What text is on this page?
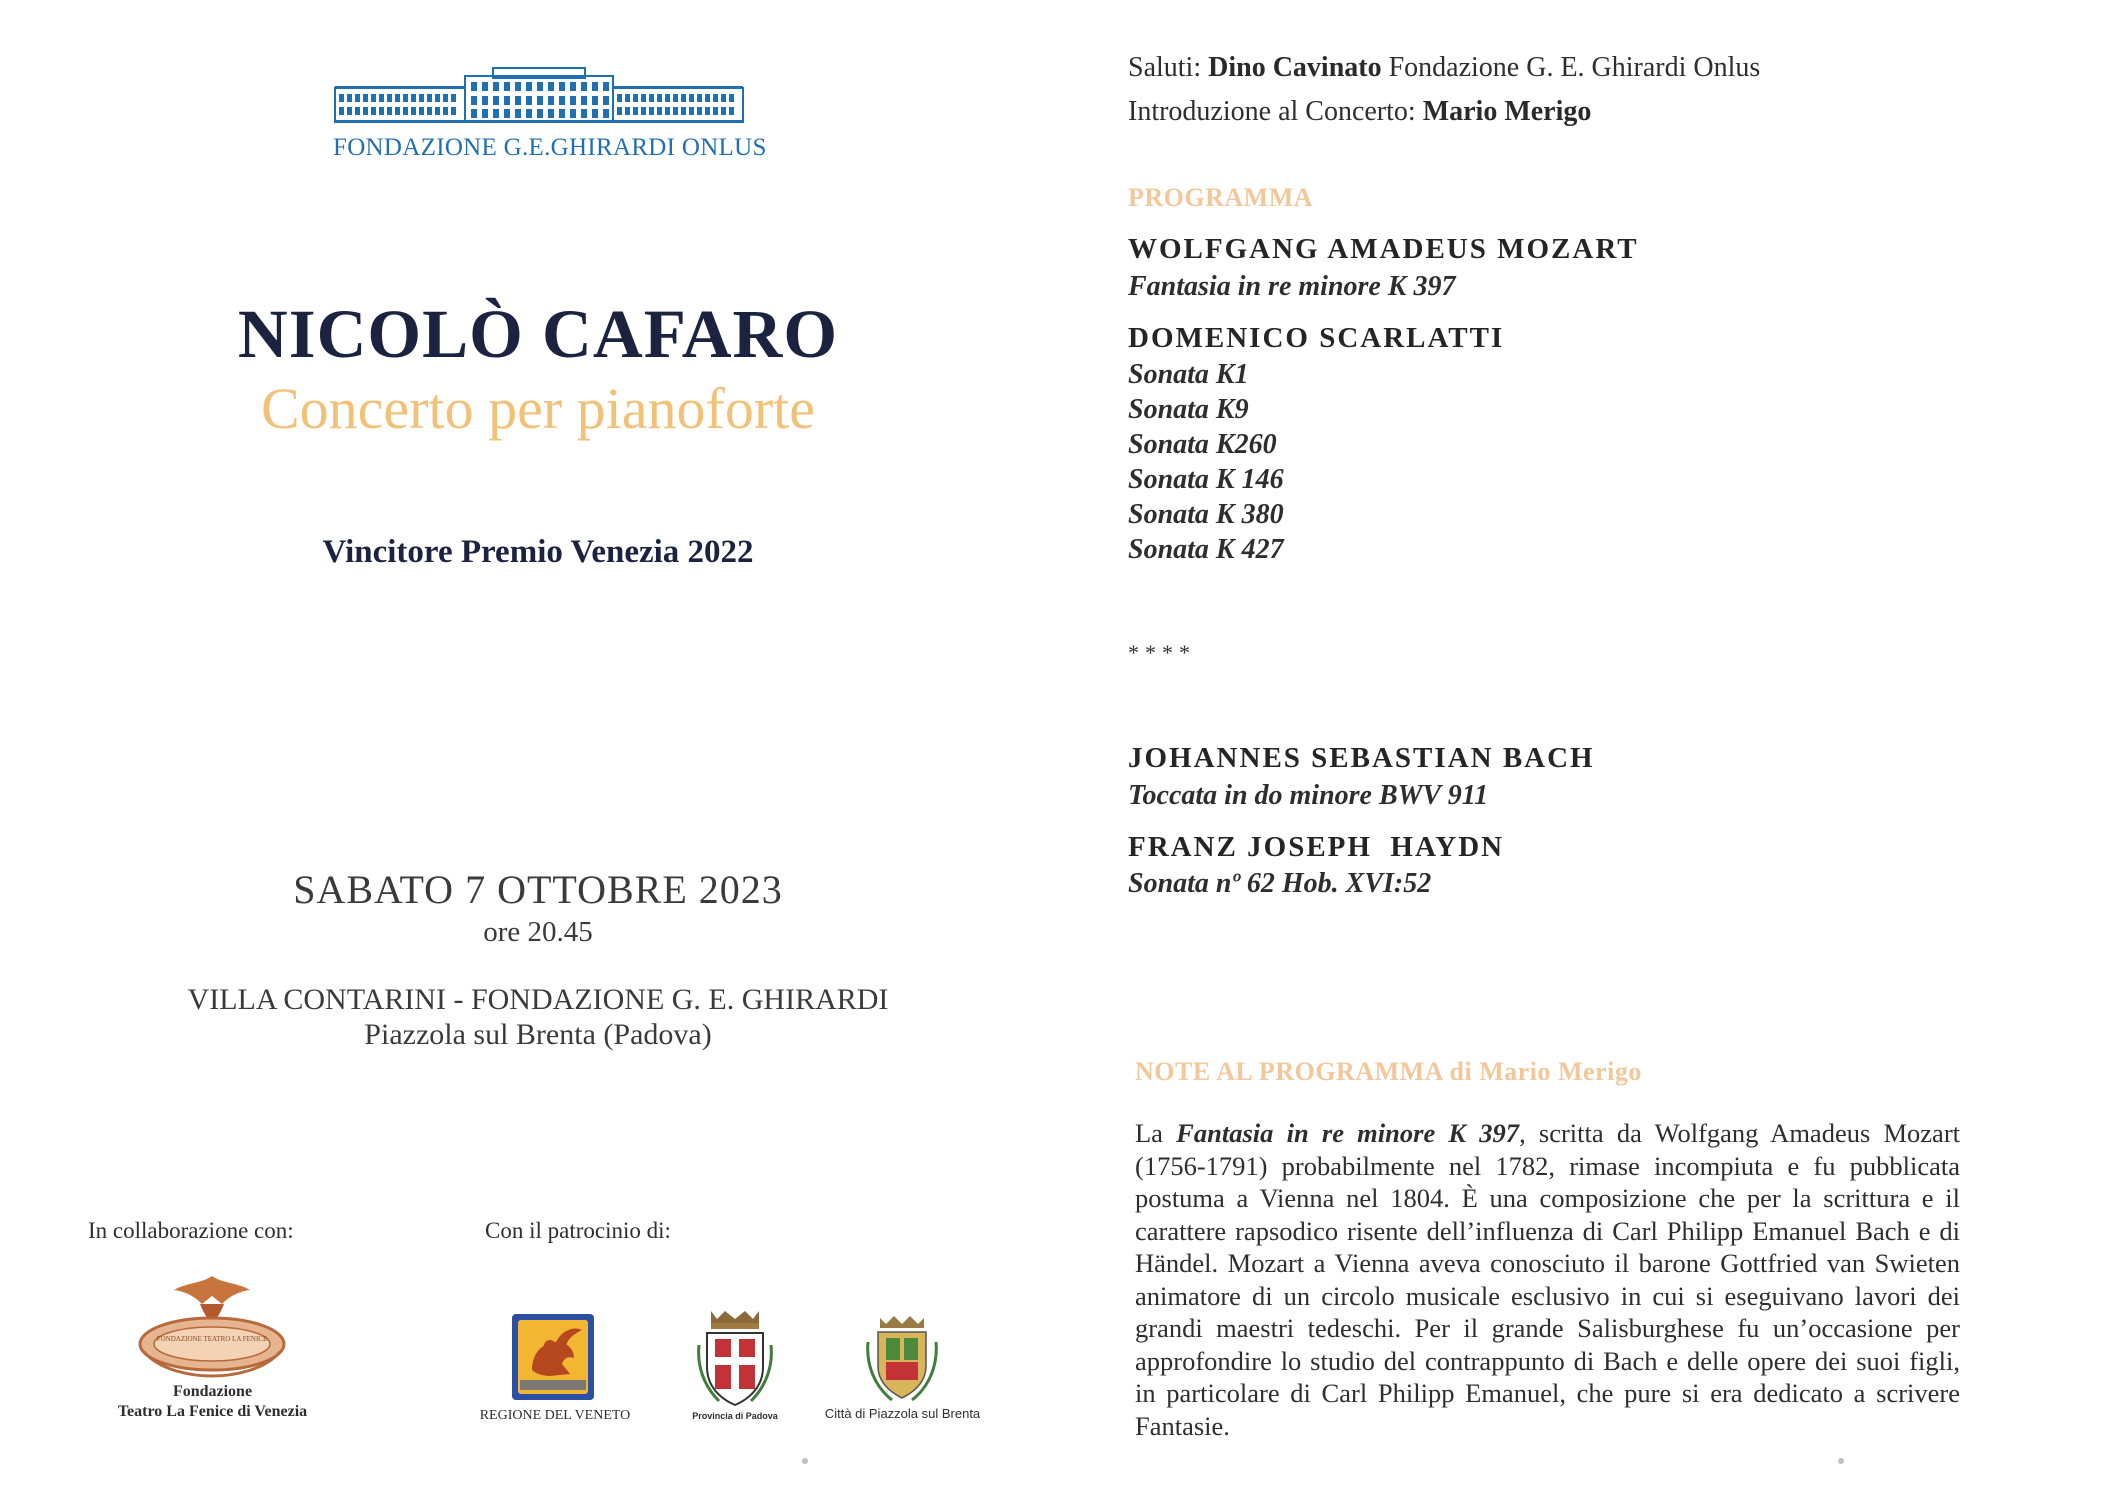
FONDAZIONE G.E.GHIRARDI ONLUS
NICOLÒ CAFARO
Concerto per pianoforte
Vincitore Premio Venezia 2022
SABATO 7 OTTOBRE 2023
ore 20.45
VILLA CONTARINI - FONDAZIONE G. E. GHIRARDI
Piazzola sul Brenta (Padova)
In collaborazione con:	Con il patrocinio di:
FONDAZIONE TEATRO LA FENICE
Fondazione
Teatro La Fenice di Venezia	REGIONE DEL VENETO	Provincia di Padova	Città di Piazzola sul Brenta
Saluti: Dino Cavinato Fondazione G. E. Ghirardi Onlus
Introduzione al Concerto: Mario Merigo
PROGRAMMA
WOLFGANG AMADEUS MOZART
Fantasia in re minore K 397
DOMENICO SCARLATTI
Sonata K1
Sonata K9
Sonata K260
Sonata K 146
Sonata K 380
Sonata K 427
****
JOHANNES SEBASTIAN BACH
Toccata in do minore BWV 911
FRANZ JOSEPH  HAYDN
Sonata nº 62 Hob. XVI:52
NOTE AL PROGRAMMA di Mario Merigo
La Fantasia in re minore K 397, scritta da Wolfgang Amadeus Mozart (1756-1791) probabilmente nel 1782, rimase incompiuta e fu pubblicata postuma a Vienna nel 1804. È una composizione che per la scrittura e il carattere rapsodico risente dell’influenza di Carl Philipp Emanuel Bach e di Händel. Mozart a Vienna aveva conosciuto il barone Gottfried van Swieten animatore di un circolo musicale esclusivo in cui si eseguivano lavori dei grandi maestri tedeschi. Per il grande Salisburghese fu un’occasione per approfondire lo studio del contrappunto di Bach e delle opere dei suoi figli, in particolare di Carl Philipp Emanuel, che pure si era dedicato a scrivere Fantasie.
